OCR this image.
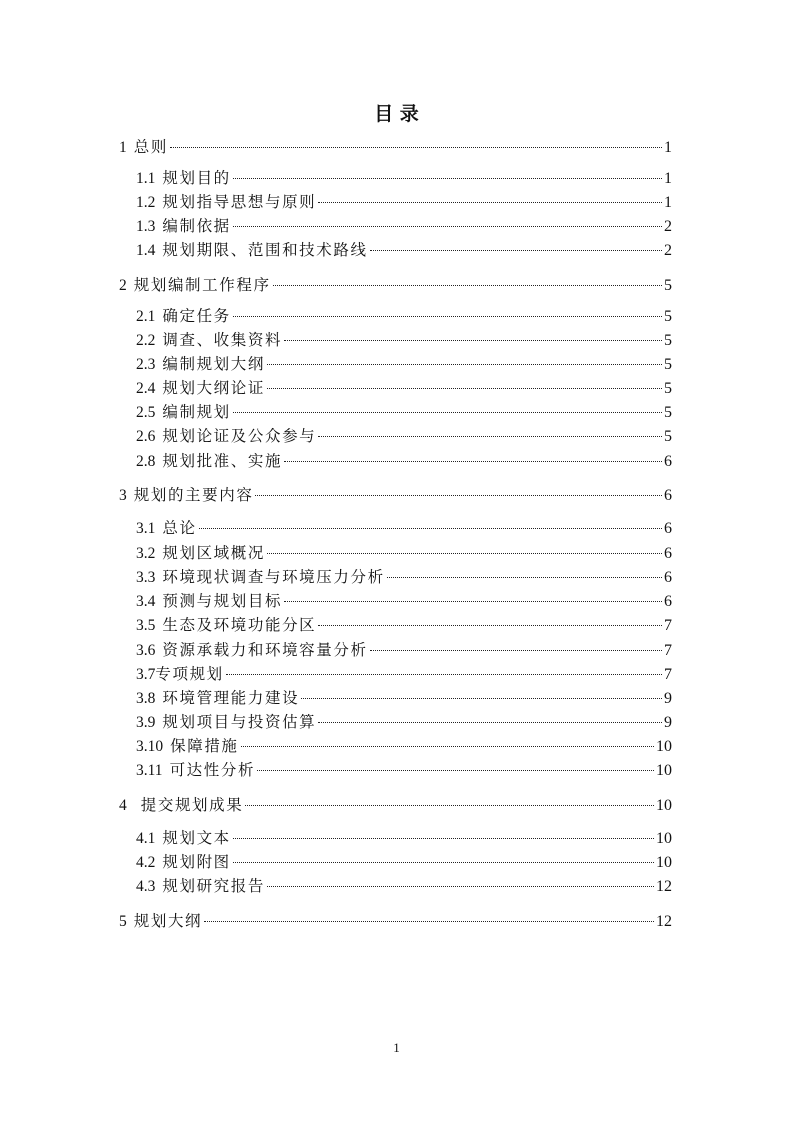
目 录
1 总则	1
1.1 规划目的	1
1.2 规划指导思想与原则	1
1.3 编制依据	2
1.4 规划期限、范围和技术路线	2
2 规划编制工作程序	5
2.1 确定任务	5
2.2 调查、收集资料	5
2.3 编制规划大纲	5
2.4 规划大纲论证	5
2.5 编制规划	5
2.6 规划论证及公众参与	5
2.8 规划批准、实施	6
3 规划的主要内容	6
3.1 总论	6
3.2 规划区域概况	6
3.3 环境现状调查与环境压力分析	6
3.4 预测与规划目标	6
3.5 生态及环境功能分区	7
3.6 资源承载力和环境容量分析	7
3.7 专项规划	7
3.8 环境管理能力建设	9
3.9 规划项目与投资估算	9
3.10 保障措施	10
3.11 可达性分析	10
4 提交规划成果	10
4.1 规划文本	10
4.2 规划附图	10
4.3 规划研究报告	12
5 规划大纲	12
1
